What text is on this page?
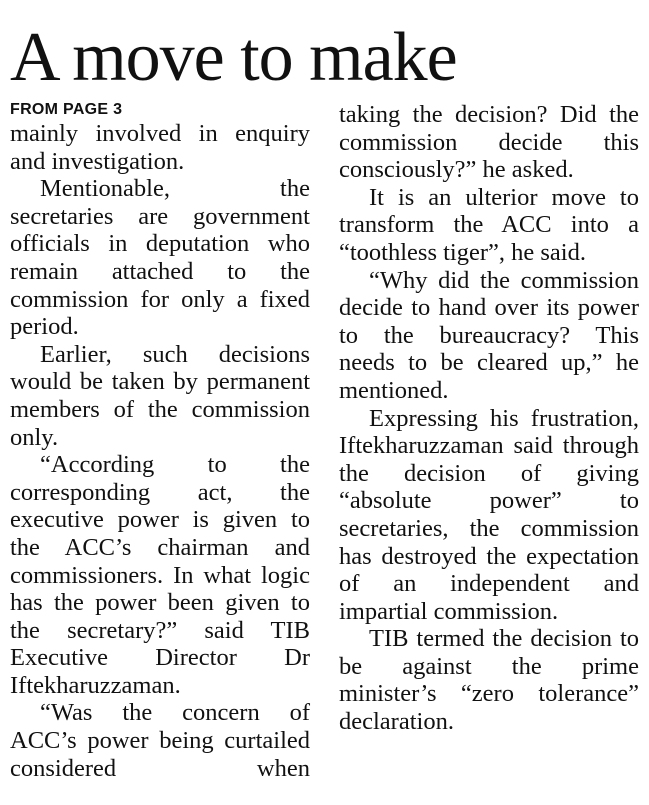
A move to make
FROM PAGE 3

mainly involved in enquiry and investigation.

Mentionable, the secretaries are government officials in deputation who remain attached to the commission for only a fixed period.

Earlier, such decisions would be taken by permanent members of the commission only.

“According to the corresponding act, the executive power is given to the ACC’s chairman and commissioners. In what logic has the power been given to the secretary?” said TIB Executive Director Dr Iftekharuzzaman.

“Was the concern of ACC’s power being curtailed considered when

taking the decision? Did the commission decide this consciously?” he asked.

It is an ulterior move to transform the ACC into a “toothless tiger”, he said.

“Why did the commission decide to hand over its power to the bureaucracy? This needs to be cleared up,” he mentioned.

Expressing his frustration, Iftekharuzzaman said through the decision of giving “absolute power” to secretaries, the commission has destroyed the expectation of an independent and impartial commission.

TIB termed the decision to be against the prime minister’s “zero tolerance” declaration.
